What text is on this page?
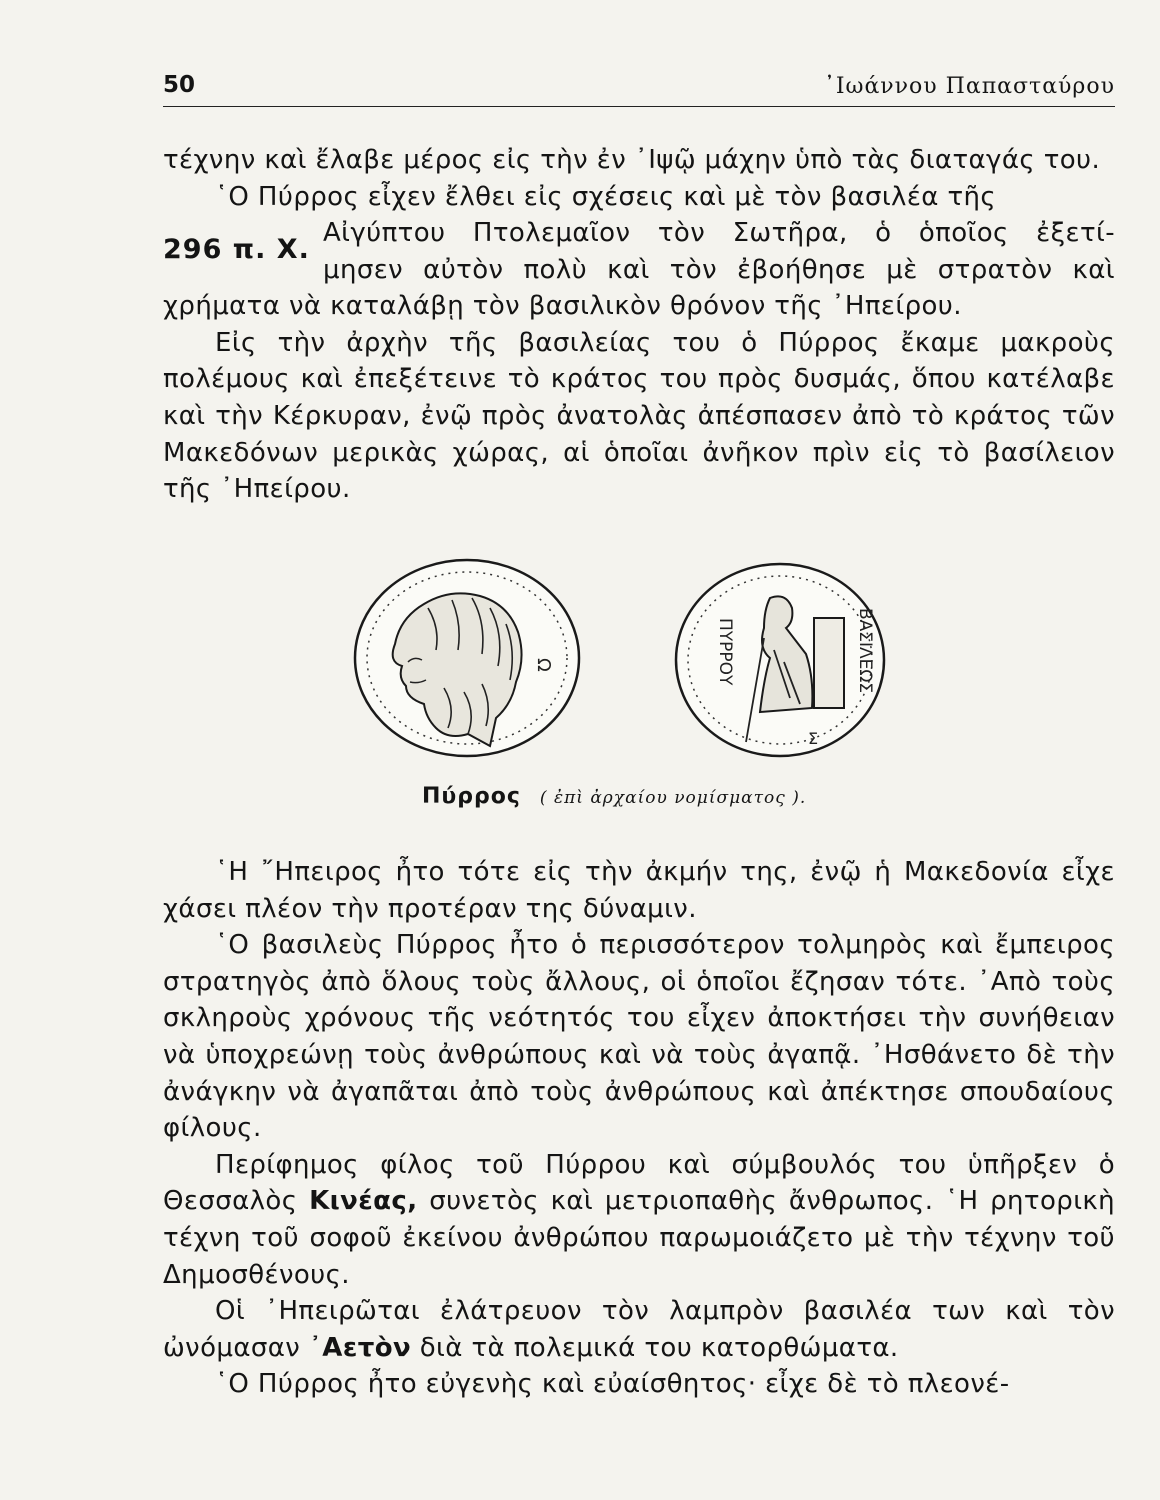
50	᾿Ιωάννου Παπασταύρου

τέχνην καὶ ἔλαβε μέρος εἰς τὴν ἐν ᾿Ιψῷ μάχην ὑπὸ τὰς διαταγάς του.

῾Ο Πύρρος εἶχεν ἔλθει εἰς σχέσεις καὶ μὲ τὸν βασιλέα τῆς

296 π. Χ.
Αἰγύπτου Πτολεμαῖον τὸν Σωτῆρα, ὁ ὁποῖος ἐξετί-
μησεν αὐτὸν πολὺ καὶ τὸν ἐβοήθησε μὲ στρατὸν καὶ

χρήματα νὰ καταλάβῃ τὸν βασιλικὸν θρόνον τῆς ᾿Ηπείρου.

Εἰς τὴν ἀρχὴν τῆς βασιλείας του ὁ Πύρρος ἔκαμε μακροὺς πολέμους καὶ ἐπεξέτεινε τὸ κράτος του πρὸς δυσμάς, ὅπου κατέλαβε καὶ τὴν Κέρκυραν, ἐνῷ πρὸς ἀνατολὰς ἀπέσπασεν ἀπὸ τὸ κράτος τῶν Μακεδόνων μερικὰς χώρας, αἱ ὁποῖαι ἀνῆκον πρὶν εἰς τὸ βασίλειον τῆς ᾿Ηπείρου.

Ω	ΠΥΡΡΟΥ	ΒΑΣΙΛΕΩΣ
Σ
Πύρρος ( ἐπὶ ἀρχαίου νομίσματος ).

῾Η ῎Ηπειρος ἦτο τότε εἰς τὴν ἀκμήν της, ἐνῷ ἡ Μακεδονία εἶχε χάσει πλέον τὴν προτέραν της δύναμιν.

῾Ο βασιλεὺς Πύρρος ἦτο ὁ περισσότερον τολμηρὸς καὶ ἔμπειρος στρατηγὸς ἀπὸ ὅλους τοὺς ἄλλους, οἱ ὁποῖοι ἔζησαν τότε. ᾿Απὸ τοὺς σκληροὺς χρόνους τῆς νεότητός του εἶχεν ἀποκτήσει τὴν συνήθειαν νὰ ὑποχρεώνῃ τοὺς ἀνθρώπους καὶ νὰ τοὺς ἀγαπᾷ. ᾿Ησθάνετο δὲ τὴν ἀνάγκην νὰ ἀγαπᾶται ἀπὸ τοὺς ἀνθρώπους καὶ ἀπέκτησε σπουδαίους φίλους.

Περίφημος φίλος τοῦ Πύρρου καὶ σύμβουλός του ὑπῆρξεν ὁ Θεσσαλὸς Κινέας, συνετὸς καὶ μετριοπαθὴς ἄνθρωπος. ῾Η ρητορικὴ τέχνη τοῦ σοφοῦ ἐκείνου ἀνθρώπου παρωμοιάζετο μὲ τὴν τέχνην τοῦ Δημοσθένους.

Οἱ ᾿Ηπειρῶται ἐλάτρευον τὸν λαμπρὸν βασιλέα των καὶ τὸν ὠνόμασαν ᾿Αετὸν διὰ τὰ πολεμικά του κατορθώματα.

῾Ο Πύρρος ἦτο εὐγενὴς καὶ εὐαίσθητος· εἶχε δὲ τὸ πλεονέ-
